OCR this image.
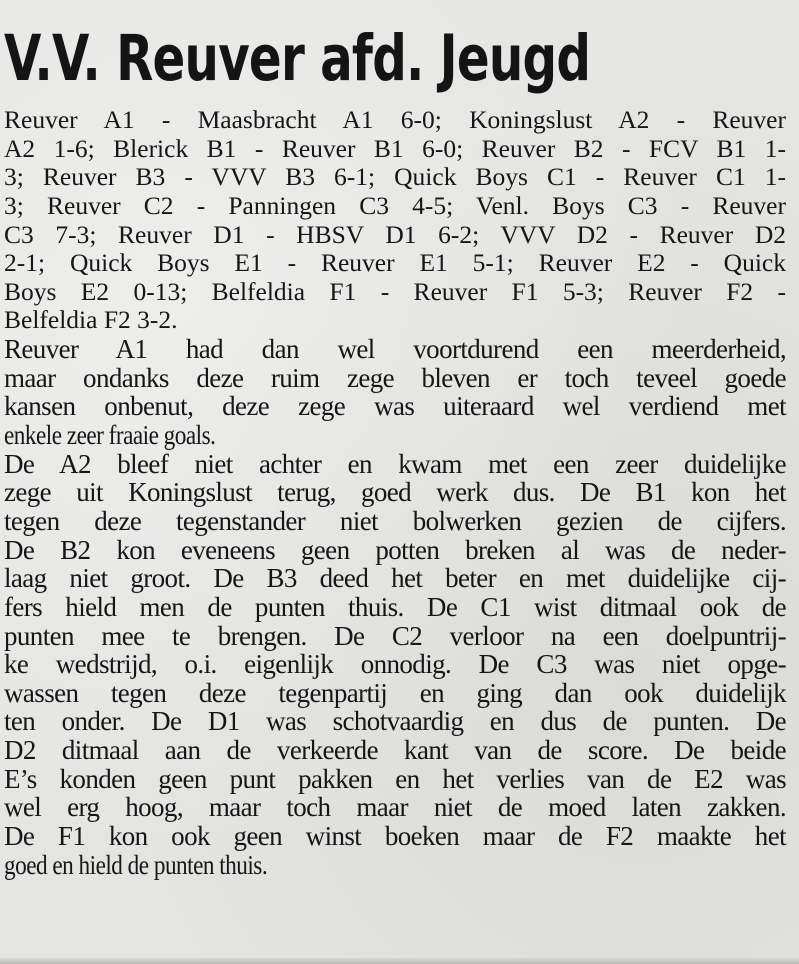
V.V. Reuver afd. Jeugd
Reuver A1 - Maasbracht A1 6-0; Koningslust A2 - Reuver
A2 1-6; Blerick B1 - Reuver B1 6-0; Reuver B2 - FCV B1 1-
3; Reuver B3 - VVV B3 6-1; Quick Boys C1 - Reuver C1 1-
3; Reuver C2 - Panningen C3 4-5; Venl. Boys C3 - Reuver
C3 7-3; Reuver D1 - HBSV D1 6-2; VVV D2 - Reuver D2
2-1; Quick Boys E1 - Reuver E1 5-1; Reuver E2 - Quick
Boys E2 0-13; Belfeldia F1 - Reuver F1 5-3; Reuver F2 -
Belfeldia F2 3-2.
Reuver A1 had dan wel voortdurend een meerderheid,
maar ondanks deze ruim zege bleven er toch teveel goede
kansen onbenut, deze zege was uiteraard wel verdiend met
enkele zeer fraaie goals.
De A2 bleef niet achter en kwam met een zeer duidelijke
zege uit Koningslust terug, goed werk dus. De B1 kon het
tegen deze tegenstander niet bolwerken gezien de cijfers.
De B2 kon eveneens geen potten breken al was de neder-
laag niet groot. De B3 deed het beter en met duidelijke cij-
fers hield men de punten thuis. De C1 wist ditmaal ook de
punten mee te brengen. De C2 verloor na een doelpuntrij-
ke wedstrijd, o.i. eigenlijk onnodig. De C3 was niet opge-
wassen tegen deze tegenpartij en ging dan ook duidelijk
ten onder. De D1 was schotvaardig en dus de punten. De
D2 ditmaal aan de verkeerde kant van de score. De beide
E’s konden geen punt pakken en het verlies van de E2 was
wel erg hoog, maar toch maar niet de moed laten zakken.
De F1 kon ook geen winst boeken maar de F2 maakte het
goed en hield de punten thuis.
